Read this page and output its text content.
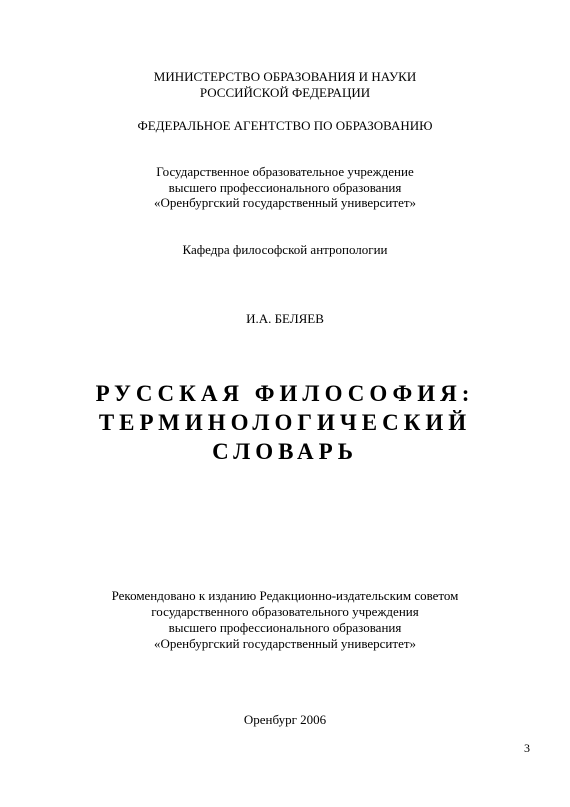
МИНИСТЕРСТВО ОБРАЗОВАНИЯ И НАУКИ
РОССИЙСКОЙ ФЕДЕРАЦИИ
ФЕДЕРАЛЬНОЕ АГЕНТСТВО ПО ОБРАЗОВАНИЮ
Государственное образовательное учреждение
высшего профессионального образования
«Оренбургский государственный университет»
Кафедра философской антропологии
И.А. БЕЛЯЕВ
РУССКАЯ ФИЛОСОФИЯ:
ТЕРМИНОЛОГИЧЕСКИЙ
СЛОВАРЬ
Рекомендовано к изданию Редакционно-издательским советом
государственного образовательного учреждения
высшего профессионального образования
«Оренбургский государственный университет»
Оренбург 2006
3
